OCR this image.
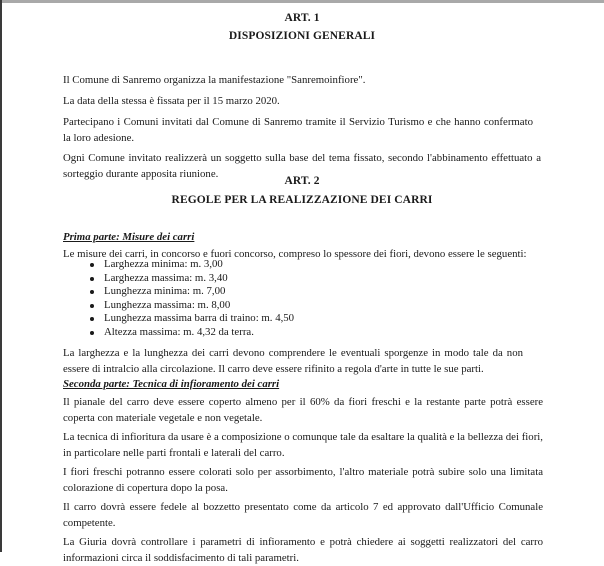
ART. 1
DISPOSIZIONI GENERALI

Il Comune di Sanremo organizza la manifestazione "Sanremoinfiore".

La data della stessa è fissata per il 15 marzo 2020.

Partecipano i Comuni invitati dal Comune di Sanremo tramite il Servizio Turismo e che hanno confermato la loro adesione.

Ogni Comune invitato realizzerà un soggetto sulla base del tema fissato, secondo l'abbinamento effettuato a sorteggio durante apposita riunione.

ART. 2
REGOLE PER LA REALIZZAZIONE DEI CARRI
Prima parte: Misure dei carri

Le misure dei carri, in concorso e fuori concorso, compreso lo spessore dei fiori, devono essere le seguenti:

Larghezza minima: m. 3,00
Larghezza massima: m. 3,40
Lunghezza minima: m. 7,00
Lunghezza massima: m. 8,00
Lunghezza massima barra di traino: m. 4,50
Altezza massima: m. 4,32 da terra.

La larghezza e la lunghezza dei carri devono comprendere le eventuali sporgenze in modo tale da non essere di intralcio alla circolazione. Il carro deve essere rifinito a regola d'arte in tutte le sue parti.

Seconda parte: Tecnica di infioramento dei carri

Il pianale del carro deve essere coperto almeno per il 60% da fiori freschi e la restante parte potrà essere coperta con materiale vegetale e non vegetale.

La tecnica di infioritura da usare è a composizione o comunque tale da esaltare la qualità e la bellezza dei fiori, in particolare nelle parti frontali e laterali del carro.

I fiori freschi potranno essere colorati solo per assorbimento, l'altro materiale potrà subire solo una limitata colorazione di copertura dopo la posa.

Il carro dovrà essere fedele al bozzetto presentato come da articolo 7 ed approvato dall'Ufficio Comunale competente.

La Giuria dovrà controllare i parametri di infioramento e potrà chiedere ai soggetti realizzatori del carro informazioni circa il soddisfacimento di tali parametri.
